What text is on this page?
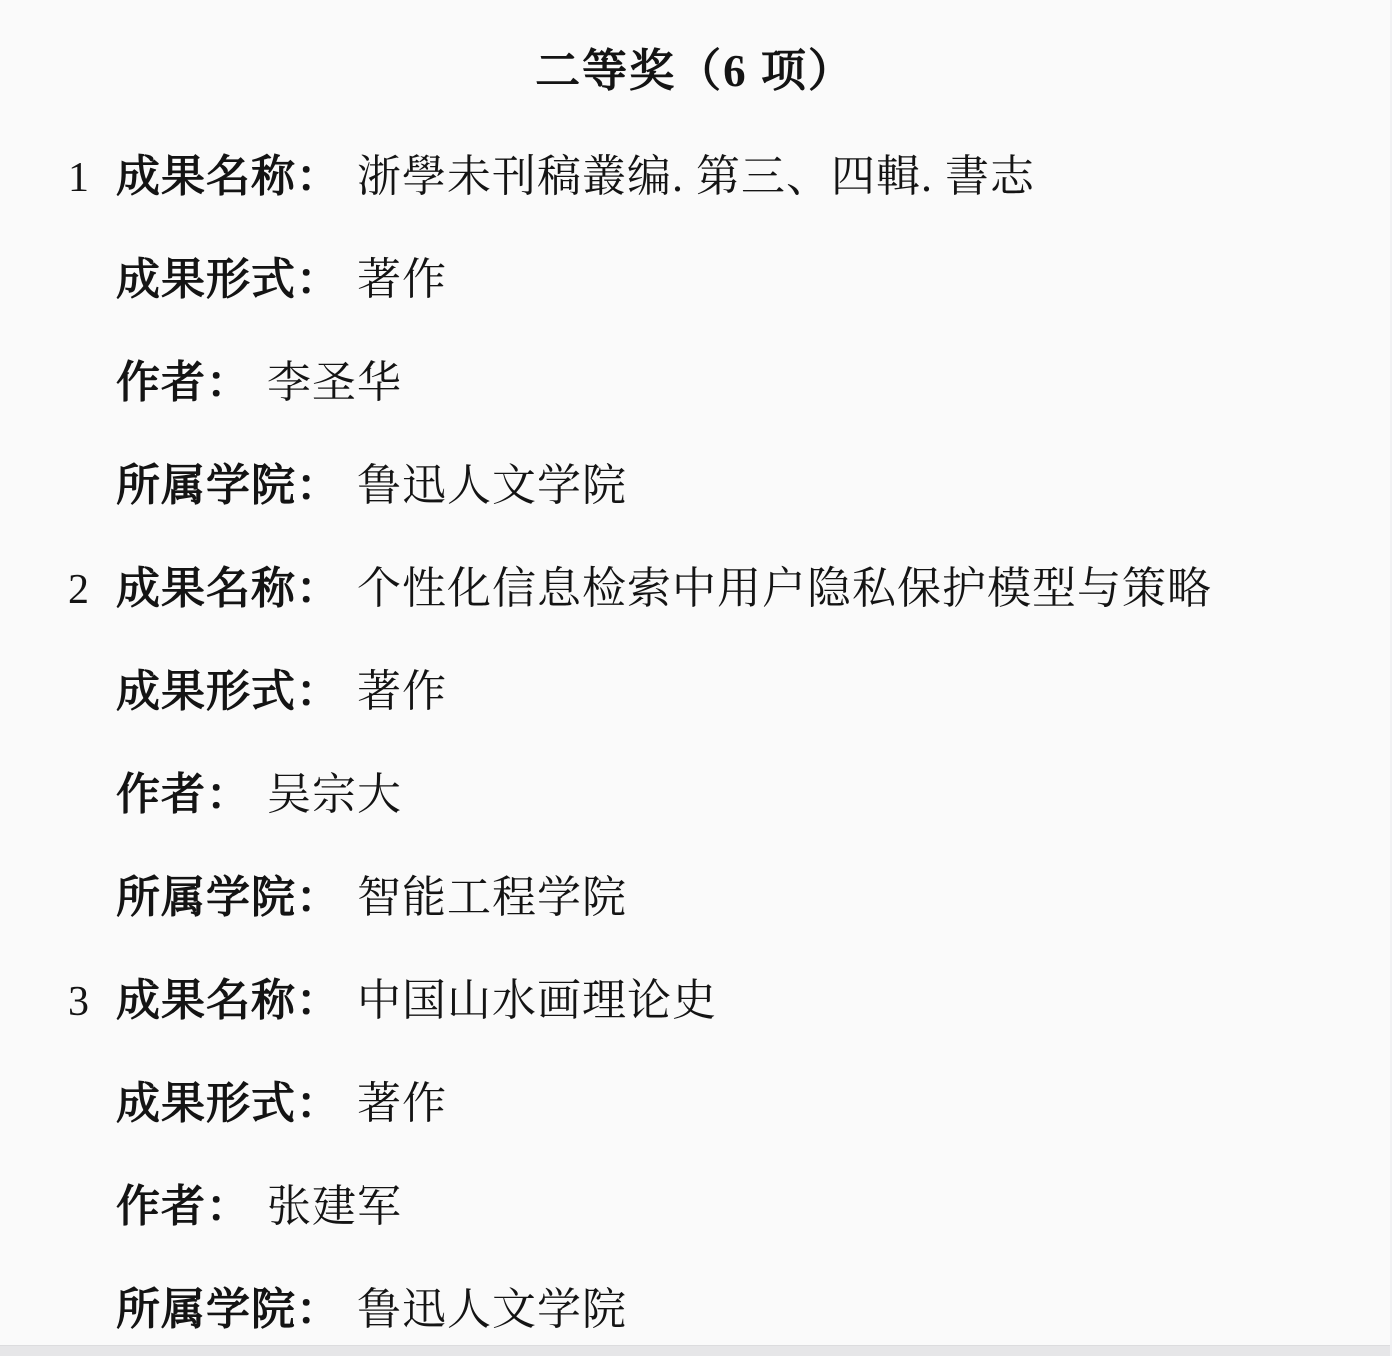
二等奖（6 项）
1 成果名称： 浙學未刊稿叢编. 第三、四輯. 書志
成果形式： 著作
作者： 李圣华
所属学院： 鲁迅人文学院
2 成果名称： 个性化信息检索中用户隐私保护模型与策略
成果形式： 著作
作者： 吴宗大
所属学院： 智能工程学院
3 成果名称： 中国山水画理论史
成果形式： 著作
作者： 张建军
所属学院： 鲁迅人文学院
